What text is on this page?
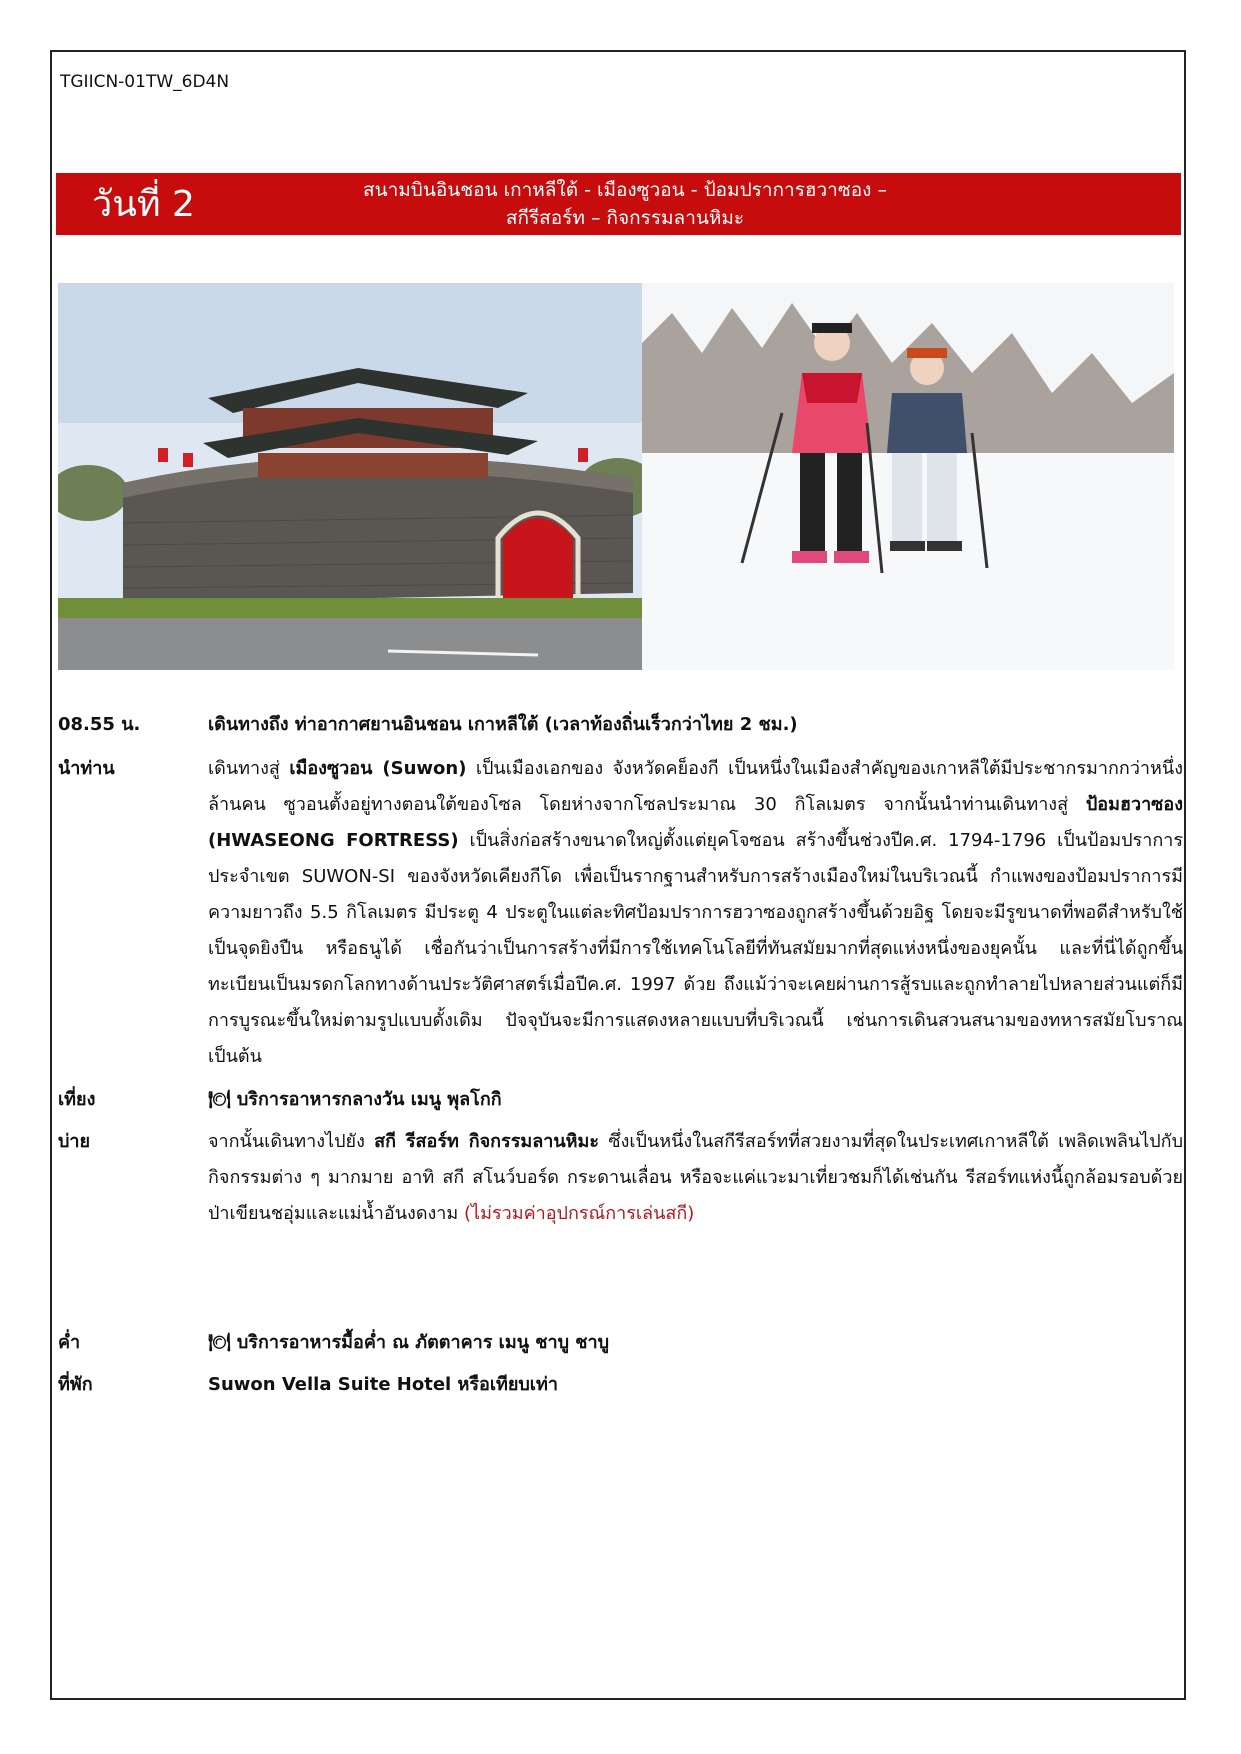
TGIICN-01TW_6D4N
วันที่ 2	สนามบินอินชอน เกาหลีใต้ - เมืองซูวอน - ป้อมปราการฮวาซอง –
สกีรีสอร์ท – กิจกรรมลานหิมะ
08.55 น.	เดินทางถึง ท่าอากาศยานอินชอน เกาหลีใต้ (เวลาท้องถิ่นเร็วกว่าไทย 2 ชม.)
นำท่าน	เดินทางสู่ เมืองซูวอน (Suwon) เป็นเมืองเอกของ จังหวัดคย็องกี เป็นหนึ่งในเมืองสำคัญของเกาหลีใต้มีประชากรมากกว่าหนึ่งล้านคน ซูวอนตั้งอยู่ทางตอนใต้ของโซล โดยห่างจากโซลประมาณ 30 กิโลเมตร จากนั้นนำท่านเดินทางสู่ ป้อมฮวาซอง (HWASEONG FORTRESS) เป็นสิ่งก่อสร้างขนาดใหญ่ตั้งแต่ยุคโจซอน สร้างขึ้นช่วงปีค.ศ. 1794-1796 เป็นป้อมปราการประจำเขต SUWON-SI ของจังหวัดเคียงกีโด เพื่อเป็นรากฐานสำหรับการสร้างเมืองใหม่ในบริเวณนี้ กำแพงของป้อมปราการมีความยาวถึง 5.5 กิโลเมตร มีประตู 4 ประตูในแต่ละทิศป้อมปราการฮวาซองถูกสร้างขึ้นด้วยอิฐ โดยจะมีรูขนาดที่พอดีสำหรับใช้เป็นจุดยิงปืน หรือธนูได้ เชื่อกันว่าเป็นการสร้างที่มีการใช้เทคโนโลยีที่ทันสมัยมากที่สุดแห่งหนึ่งของยุคนั้น และที่นี่ได้ถูกขึ้นทะเบียนเป็นมรดกโลกทางด้านประวัติศาสตร์เมื่อปีค.ศ. 1997 ด้วย ถึงแม้ว่าจะเคยผ่านการสู้รบและถูกทำลายไปหลายส่วนแต่ก็มีการบูรณะขึ้นใหม่ตามรูปแบบดั้งเดิม ปัจจุบันจะมีการแสดงหลายแบบที่บริเวณนี้ เช่นการเดินสวนสนามของทหารสมัยโบราณ เป็นต้น
เที่ยง	🍽 บริการอาหารกลางวัน เมนู พุลโกกิ
บ่าย	จากนั้นเดินทางไปยัง สกี รีสอร์ท กิจกรรมลานหิมะ ซึ่งเป็นหนึ่งในสกีรีสอร์ทที่สวยงามที่สุดในประเทศเกาหลีใต้ เพลิดเพลินไปกับกิจกรรมต่าง ๆ มากมาย อาทิ สกี สโนว์บอร์ด กระดานเลื่อน หรือจะแค่แวะมาเที่ยวชมก็ได้เช่นกัน รีสอร์ทแห่งนี้ถูกล้อมรอบด้วยป่าเขียนชอุ่มและแม่น้ำอันงดงาม (ไม่รวมค่าอุปกรณ์การเล่นสกี)
ค่ำ	🍽 บริการอาหารมื้อค่ำ ณ ภัตตาคาร เมนู ชาบู ชาบู
ที่พัก	Suwon Vella Suite Hotel หรือเทียบเท่า
